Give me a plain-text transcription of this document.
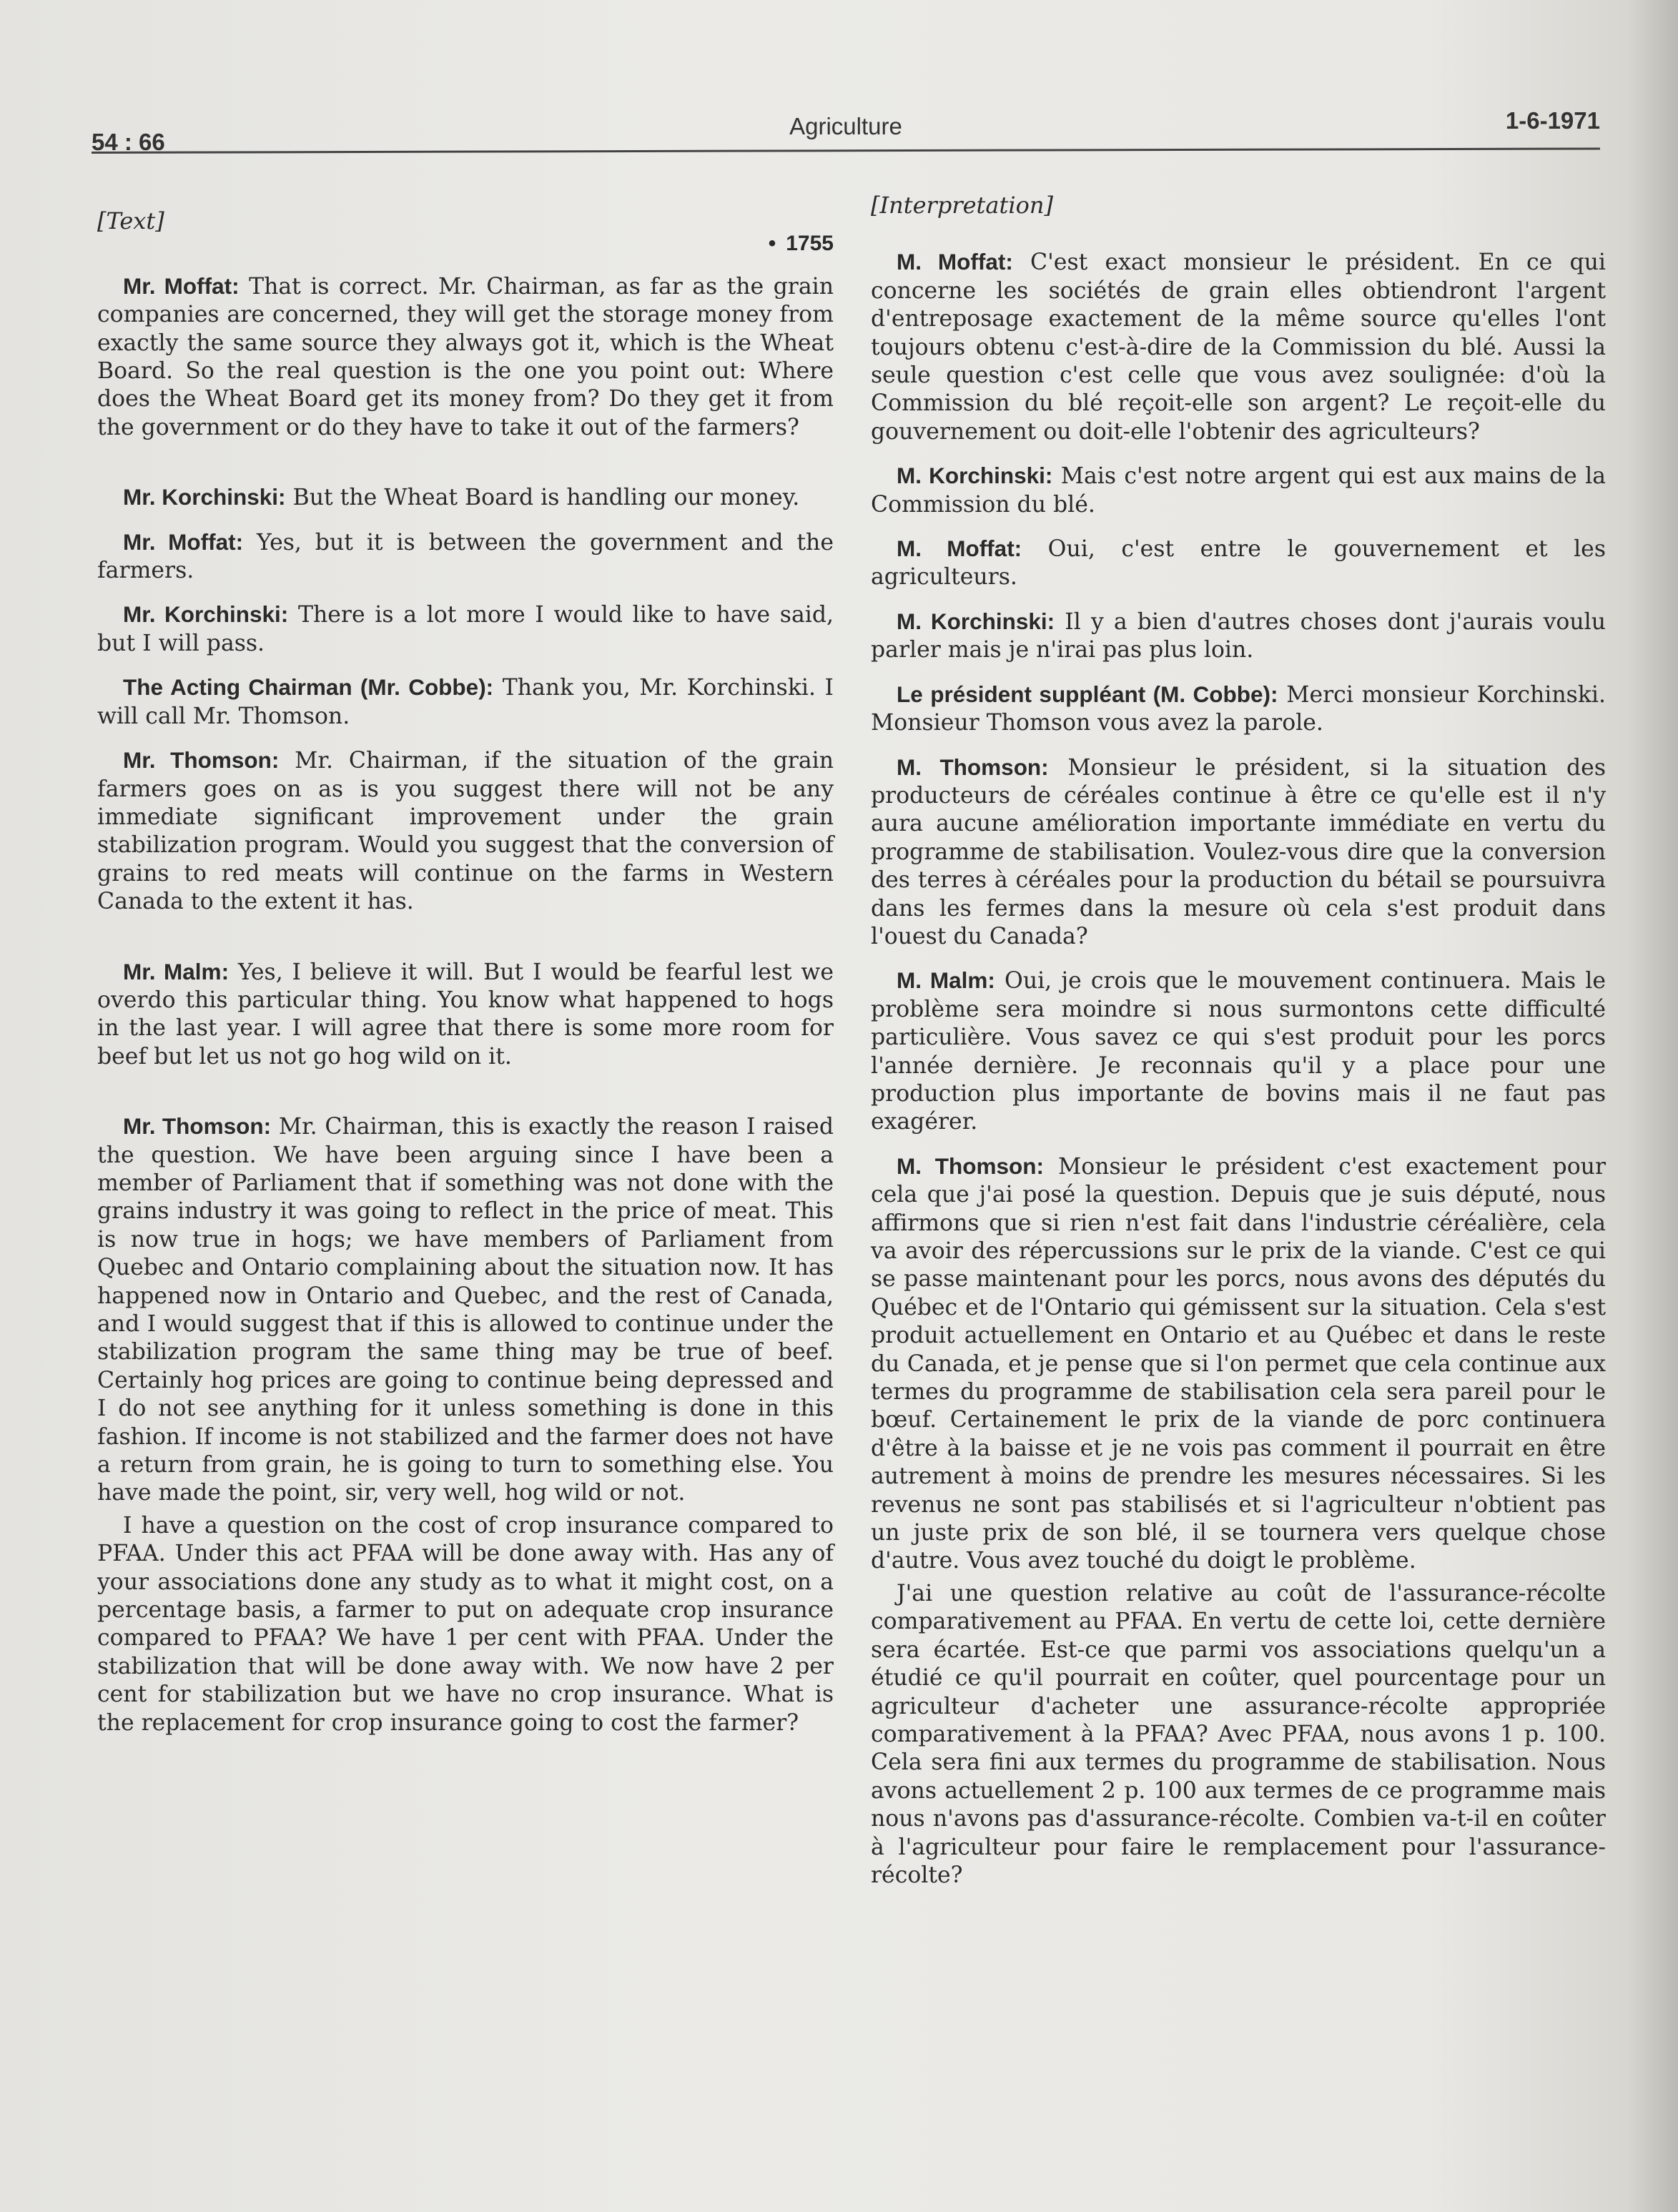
54 : 66
Agriculture	1-6-1971
[Text]
• 1755

Mr. Moffat: That is correct. Mr. Chairman, as far as the grain companies are concerned, they will get the storage money from exactly the same source they always got it, which is the Wheat Board. So the real question is the one you point out: Where does the Wheat Board get its money from? Do they get it from the government or do they have to take it out of the farmers?

Mr. Korchinski: But the Wheat Board is handling our money.

Mr. Moffat: Yes, but it is between the government and the farmers.

Mr. Korchinski: There is a lot more I would like to have said, but I will pass.

The Acting Chairman (Mr. Cobbe): Thank you, Mr. Korchinski. I will call Mr. Thomson.

Mr. Thomson: Mr. Chairman, if the situation of the grain farmers goes on as is you suggest there will not be any immediate significant improvement under the grain stabilization program. Would you suggest that the conversion of grains to red meats will continue on the farms in Western Canada to the extent it has.

Mr. Malm: Yes, I believe it will. But I would be fearful lest we overdo this particular thing. You know what happened to hogs in the last year. I will agree that there is some more room for beef but let us not go hog wild on it.

Mr. Thomson: Mr. Chairman, this is exactly the reason I raised the question. We have been arguing since I have been a member of Parliament that if something was not done with the grains industry it was going to reflect in the price of meat. This is now true in hogs; we have members of Parliament from Quebec and Ontario complaining about the situation now. It has happened now in Ontario and Quebec, and the rest of Canada, and I would suggest that if this is allowed to continue under the stabilization program the same thing may be true of beef. Certainly hog prices are going to continue being depressed and I do not see anything for it unless something is done in this fashion. If income is not stabilized and the farmer does not have a return from grain, he is going to turn to something else. You have made the point, sir, very well, hog wild or not.

I have a question on the cost of crop insurance compared to PFAA. Under this act PFAA will be done away with. Has any of your associations done any study as to what it might cost, on a percentage basis, a farmer to put on adequate crop insurance compared to PFAA? We have 1 per cent with PFAA. Under the stabilization that will be done away with. We now have 2 per cent for stabilization but we have no crop insurance. What is the replacement for crop insurance going to cost the farmer?

[Interpretation]

M. Moffat: C'est exact monsieur le président. En ce qui concerne les sociétés de grain elles obtiendront l'argent d'entreposage exactement de la même source qu'elles l'ont toujours obtenu c'est-à-dire de la Commission du blé. Aussi la seule question c'est celle que vous avez soulignée: d'où la Commission du blé reçoit-elle son argent? Le reçoit-elle du gouvernement ou doit-elle l'obtenir des agriculteurs?

M. Korchinski: Mais c'est notre argent qui est aux mains de la Commission du blé.

M. Moffat: Oui, c'est entre le gouvernement et les agriculteurs.

M. Korchinski: Il y a bien d'autres choses dont j'aurais voulu parler mais je n'irai pas plus loin.

Le président suppléant (M. Cobbe): Merci monsieur Korchinski. Monsieur Thomson vous avez la parole.

M. Thomson: Monsieur le président, si la situation des producteurs de céréales continue à être ce qu'elle est il n'y aura aucune amélioration importante immédiate en vertu du programme de stabilisation. Voulez-vous dire que la conversion des terres à céréales pour la production du bétail se poursuivra dans les fermes dans la mesure où cela s'est produit dans l'ouest du Canada?

M. Malm: Oui, je crois que le mouvement continuera. Mais le problème sera moindre si nous surmontons cette difficulté particulière. Vous savez ce qui s'est produit pour les porcs l'année dernière. Je reconnais qu'il y a place pour une production plus importante de bovins mais il ne faut pas exagérer.

M. Thomson: Monsieur le président c'est exactement pour cela que j'ai posé la question. Depuis que je suis député, nous affirmons que si rien n'est fait dans l'industrie céréalière, cela va avoir des répercussions sur le prix de la viande. C'est ce qui se passe maintenant pour les porcs, nous avons des députés du Québec et de l'Ontario qui gémissent sur la situation. Cela s'est produit actuellement en Ontario et au Québec et dans le reste du Canada, et je pense que si l'on permet que cela continue aux termes du programme de stabilisation cela sera pareil pour le bœuf. Certainement le prix de la viande de porc continuera d'être à la baisse et je ne vois pas comment il pourrait en être autrement à moins de prendre les mesures nécessaires. Si les revenus ne sont pas stabilisés et si l'agriculteur n'obtient pas un juste prix de son blé, il se tournera vers quelque chose d'autre. Vous avez touché du doigt le problème.

J'ai une question relative au coût de l'assurance-récolte comparativement au PFAA. En vertu de cette loi, cette dernière sera écartée. Est-ce que parmi vos associations quelqu'un a étudié ce qu'il pourrait en coûter, quel pourcentage pour un agriculteur d'acheter une assurance-récolte appropriée comparativement à la PFAA? Avec PFAA, nous avons 1 p. 100. Cela sera fini aux termes du programme de stabilisation. Nous avons actuellement 2 p. 100 aux termes de ce programme mais nous n'avons pas d'assurance-récolte. Combien va-t-il en coûter à l'agriculteur pour faire le remplacement pour l'assurance-récolte?
